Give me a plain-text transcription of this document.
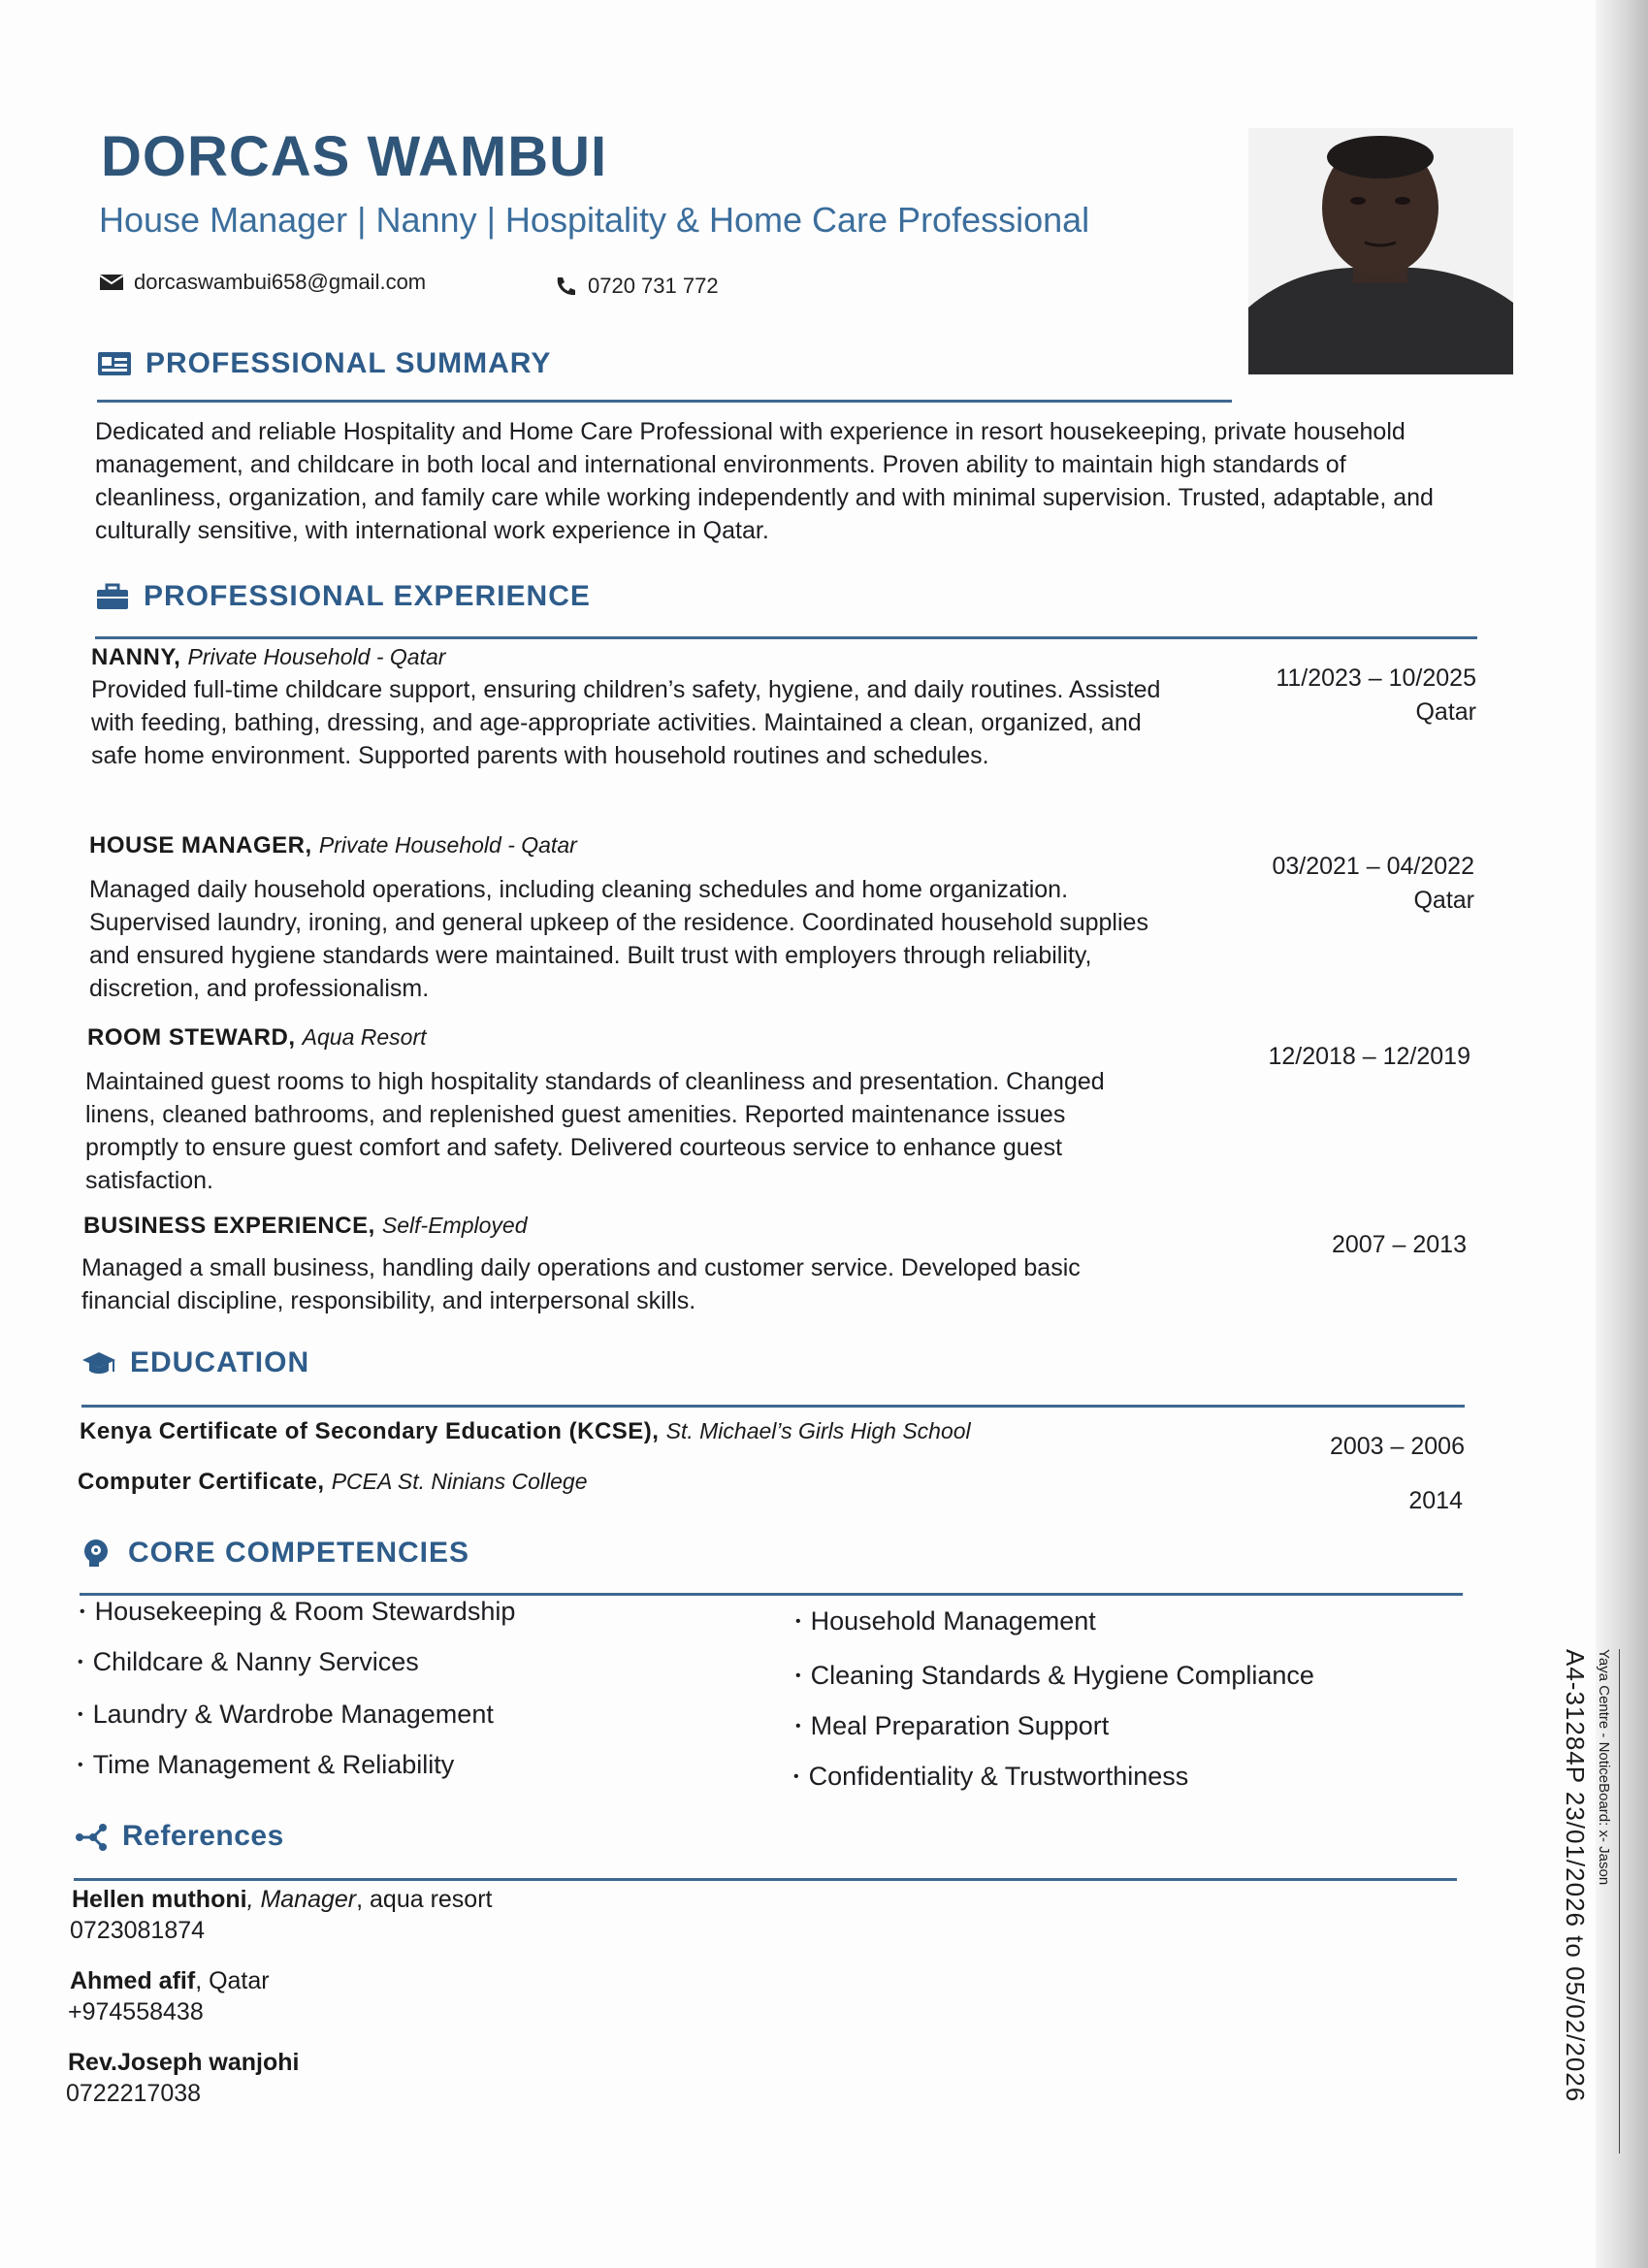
DORCAS WAMBUI
House Manager | Nanny | Hospitality & Home Care Professional
dorcaswambui658@gmail.com	0720 731 772
PROFESSIONAL SUMMARY
Dedicated and reliable Hospitality and Home Care Professional with experience in resort housekeeping, private household management, and childcare in both local and international environments. Proven ability to maintain high standards of cleanliness, organization, and family care while working independently and with minimal supervision. Trusted, adaptable, and culturally sensitive, with international work experience in Qatar.
PROFESSIONAL EXPERIENCE
NANNY, Private Household - Qatar
Provided full-time childcare support, ensuring children’s safety, hygiene, and daily routines. Assisted with feeding, bathing, dressing, and age-appropriate activities. Maintained a clean, organized, and safe home environment. Supported parents with household routines and schedules.
11/2023 – 10/2025
Qatar
HOUSE MANAGER, Private Household - Qatar
Managed daily household operations, including cleaning schedules and home organization. Supervised laundry, ironing, and general upkeep of the residence. Coordinated household supplies and ensured hygiene standards were maintained. Built trust with employers through reliability, discretion, and professionalism.
03/2021 – 04/2022
Qatar
ROOM STEWARD, Aqua Resort
Maintained guest rooms to high hospitality standards of cleanliness and presentation. Changed linens, cleaned bathrooms, and replenished guest amenities. Reported maintenance issues promptly to ensure guest comfort and safety. Delivered courteous service to enhance guest satisfaction.
12/2018 – 12/2019
BUSINESS EXPERIENCE, Self-Employed
Managed a small business, handling daily operations and customer service. Developed basic financial discipline, responsibility, and interpersonal skills.
2007 – 2013
EDUCATION
Kenya Certificate of Secondary Education (KCSE), St. Michael’s Girls High School
2003 – 2006
Computer Certificate, PCEA St. Ninians College
2014
CORE COMPETENCIES
• Housekeeping & Room Stewardship
• Childcare & Nanny Services
• Laundry & Wardrobe Management
• Time Management & Reliability
• Household Management
• Cleaning Standards & Hygiene Compliance
• Meal Preparation Support
• Confidentiality & Trustworthiness
References
Hellen muthoni, Manager, aqua resort
0723081874
Ahmed afif, Qatar
+974558438
Rev.Joseph wanjohi
0722217038
Yaya Centre - NoticeBoard: x- Jason
A4-31284P 23/01/2026 to 05/02/2026
